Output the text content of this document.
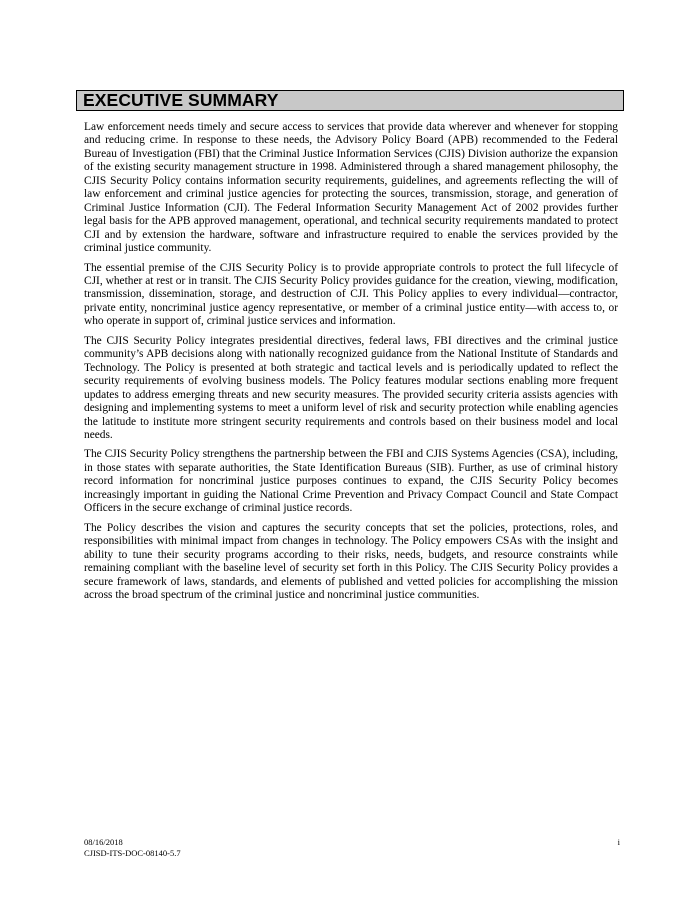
EXECUTIVE SUMMARY

Law enforcement needs timely and secure access to services that provide data wherever and whenever for stopping and reducing crime. In response to these needs, the Advisory Policy Board (APB) recommended to the Federal Bureau of Investigation (FBI) that the Criminal Justice Information Services (CJIS) Division authorize the expansion of the existing security management structure in 1998. Administered through a shared management philosophy, the CJIS Security Policy contains information security requirements, guidelines, and agreements reflecting the will of law enforcement and criminal justice agencies for protecting the sources, transmission, storage, and generation of Criminal Justice Information (CJI). The Federal Information Security Management Act of 2002 provides further legal basis for the APB approved management, operational, and technical security requirements mandated to protect CJI and by extension the hardware, software and infrastructure required to enable the services provided by the criminal justice community.

The essential premise of the CJIS Security Policy is to provide appropriate controls to protect the full lifecycle of CJI, whether at rest or in transit. The CJIS Security Policy provides guidance for the creation, viewing, modification, transmission, dissemination, storage, and destruction of CJI. This Policy applies to every individual—contractor, private entity, noncriminal justice agency representative, or member of a criminal justice entity—with access to, or who operate in support of, criminal justice services and information.

The CJIS Security Policy integrates presidential directives, federal laws, FBI directives and the criminal justice community’s APB decisions along with nationally recognized guidance from the National Institute of Standards and Technology. The Policy is presented at both strategic and tactical levels and is periodically updated to reflect the security requirements of evolving business models. The Policy features modular sections enabling more frequent updates to address emerging threats and new security measures. The provided security criteria assists agencies with designing and implementing systems to meet a uniform level of risk and security protection while enabling agencies the latitude to institute more stringent security requirements and controls based on their business model and local needs.

The CJIS Security Policy strengthens the partnership between the FBI and CJIS Systems Agencies (CSA), including, in those states with separate authorities, the State Identification Bureaus (SIB). Further, as use of criminal history record information for noncriminal justice purposes continues to expand, the CJIS Security Policy becomes increasingly important in guiding the National Crime Prevention and Privacy Compact Council and State Compact Officers in the secure exchange of criminal justice records.

The Policy describes the vision and captures the security concepts that set the policies, protections, roles, and responsibilities with minimal impact from changes in technology. The Policy empowers CSAs with the insight and ability to tune their security programs according to their risks, needs, budgets, and resource constraints while remaining compliant with the baseline level of security set forth in this Policy. The CJIS Security Policy provides a secure framework of laws, standards, and elements of published and vetted policies for accomplishing the mission across the broad spectrum of the criminal justice and noncriminal justice communities.

08/16/2018
CJISD-ITS-DOC-08140-5.7
i
